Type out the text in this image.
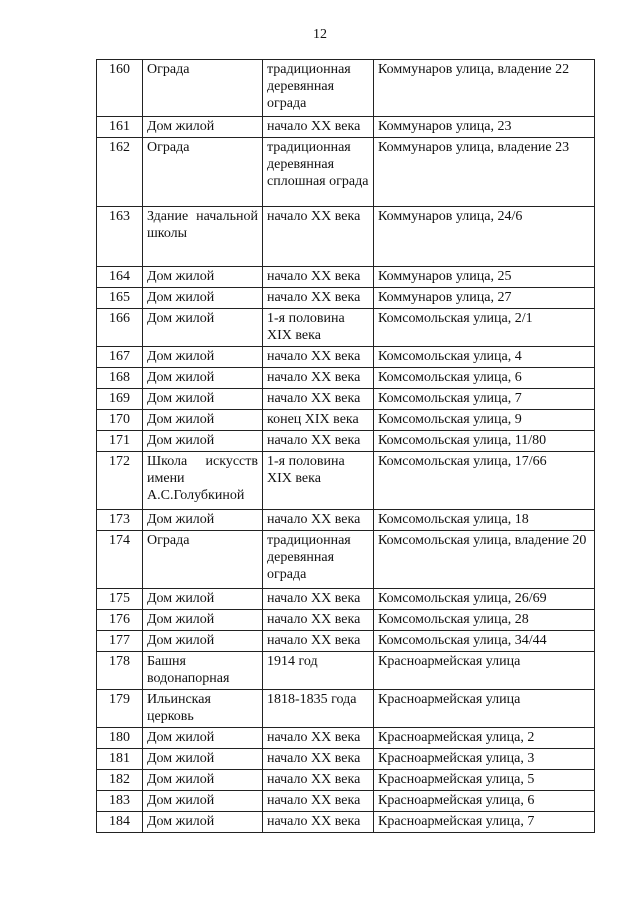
12
160	Ограда	традиционная деревянная ограда	Коммунаров улица, владение 22
161	Дом жилой	начало XX века	Коммунаров улица, 23
162	Ограда	традиционная деревянная сплошная ограда	Коммунаров улица, владение 23
163	Здание начальной школы	начало XX века	Коммунаров улица, 24/6
164	Дом жилой	начало XX века	Коммунаров улица, 25
165	Дом жилой	начало XX века	Коммунаров улица, 27
166	Дом жилой	1-я половина XIX века	Комсомольская улица, 2/1
167	Дом жилой	начало XX века	Комсомольская улица, 4
168	Дом жилой	начало XX века	Комсомольская улица, 6
169	Дом жилой	начало XX века	Комсомольская улица, 7
170	Дом жилой	конец XIX века	Комсомольская улица, 9
171	Дом жилой	начало XX века	Комсомольская улица, 11/80
172	Школа искусств имени А.С.Голубкиной	1-я половина XIX века	Комсомольская улица, 17/66
173	Дом жилой	начало XX века	Комсомольская улица, 18
174	Ограда	традиционная деревянная ограда	Комсомольская улица, владение 20
175	Дом жилой	начало XX века	Комсомольская улица, 26/69
176	Дом жилой	начало XX века	Комсомольская улица, 28
177	Дом жилой	начало XX века	Комсомольская улица, 34/44
178	Башня водонапорная	1914 год	Красноармейская улица
179	Ильинская церковь	1818-1835 года	Красноармейская улица
180	Дом жилой	начало XX века	Красноармейская улица, 2
181	Дом жилой	начало XX века	Красноармейская улица, 3
182	Дом жилой	начало XX века	Красноармейская улица, 5
183	Дом жилой	начало XX века	Красноармейская улица, 6
184	Дом жилой	начало XX века	Красноармейская улица, 7
